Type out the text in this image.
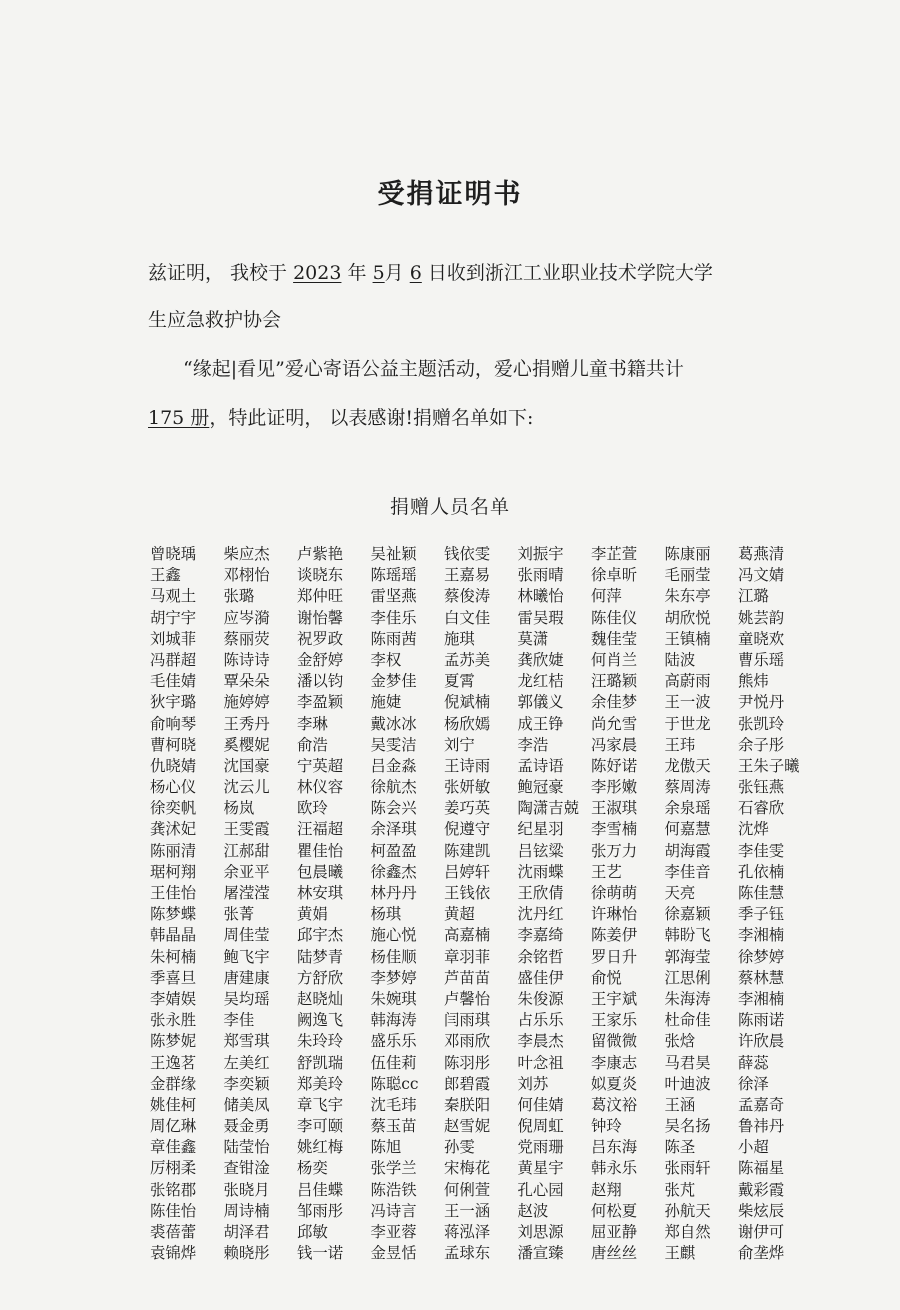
受捐证明书
兹证明， 我校于 2023 年 5月 6 日收到浙江工业职业技术学院大学
生应急救护协会
“缘起|看见”爱心寄语公益主题活动，爱心捐赠儿童书籍共计
175 册，特此证明， 以表感谢!捐赠名单如下:
捐赠人员名单
曾晓瑀	柴应杰	卢紫艳	吴祉颖	钱依雯	刘振宇	李芷萱	陈康丽	葛燕清
王鑫	邓栩怡	谈晓东	陈瑶瑶	王嘉易	张雨晴	徐卓昕	毛丽莹	冯文婧
马观土	张璐	郑仲旺	雷坚燕	蔡俊涛	林曦怡	何萍	朱东亭	江璐
胡宁宇	应岑漪	谢怡馨	李佳乐	白文佳	雷吴瑕	陈佳仪	胡欣悦	姚芸韵
刘城菲	蔡丽荧	祝罗政	陈雨茜	施琪	莫潇	魏佳莹	王镇楠	童晓欢
冯群超	陈诗诗	金舒婷	李权	孟苏美	龚欣婕	何肖兰	陆波	曹乐瑶
毛佳婧	覃朵朵	潘以钧	金梦佳	夏霄	龙红桔	汪璐颖	高蔚雨	熊炜
狄宇璐	施婷婷	李盈颖	施婕	倪斌楠	郭儀义	余佳梦	王一波	尹悦丹
俞响琴	王秀丹	李琳	戴冰冰	杨欣嫣	成王铮	尚允雪	于世龙	张凯玲
曹柯晓	奚樱妮	俞浩	吴雯洁	刘宁	李浩	冯家晨	王玮	余子彤
仇晓婧	沈国豪	宁英超	吕金淼	王诗雨	孟诗语	陈妤诺	龙傲天	王朱子曦
杨心仪	沈云儿	林仪容	徐航杰	张妍敏	鲍冠豪	李彤嫩	蔡周涛	张钰燕
徐奕帆	杨岚	欧玲	陈会兴	姜巧英	陶潇吉兢 王淑琪	余泉瑶	石睿欣
龚沭妃	王雯霞	汪福超	余泽琪	倪遵守	纪星羽	李雪楠	何嘉慧	沈烨
陈丽清	江郝甜	瞿佳怡	柯盈盈	陈建凯	吕铉粱	张万力	胡海霞	李佳雯
琚柯翔	余亚平	包晨曦	徐鑫杰	吕婷轩	沈雨蝶	王艺	李佳音	孔依楠
王佳怡	屠滢滢	林安琪	林丹丹	王钱依	王欣倩	徐萌萌	天亮	陈佳慧
陈梦蝶	张菁	黄娟	杨琪	黄超	沈丹红	许琳怡	徐嘉颖	季子钰
韩晶晶	周佳莹	邱宇杰	施心悦	高嘉楠	李嘉绮	陈姜伊	韩盼飞	李湘楠
朱柯楠	鲍飞宇	陆梦青	杨佳顺	章羽菲	余铭哲	罗日升	郭海莹	徐梦婷
季喜旦	唐建康	方舒欣	李梦婷	芦苗苗	盛佳伊	俞悦	江思俐	蔡林慧
李婧娱	吴均瑶	赵晓灿	朱婉琪	卢馨怡	朱俊源	王宇斌	朱海涛	李湘楠
张永胜	李佳	阙逸飞	韩海涛	闫雨琪	占乐乐	王家乐	杜命佳	陈雨诺
陈梦妮	郑雪琪	朱玲玲	盛乐乐	邓雨欣	李晨杰	留微微	张焓	许欣晨
王逸茗	左美红	舒凯瑞	伍佳莉	陈羽彤	叶念祖	李康志	马君昊	薛蕊
金群缘	李奕颖	郑美玲	陈聪cc	郎碧霞	刘苏	姒夏炎	叶迪波	徐泽
姚佳柯	储美凤	章飞宇	沈毛玮	秦朕阳	何佳婧	葛汶裕	王涵	孟嘉奇
周亿琳	聂金勇	李可颐	蔡玉苗	赵雪妮	倪周虹	钟玲	吴名扬	鲁祎丹
章佳鑫	陆莹怡	姚红梅	陈旭	孙雯	党雨珊	吕东海	陈圣	小超
厉栩柔	查钳淦	杨奕	张学兰	宋梅花	黄星宇	韩永乐	张雨轩	陈福星
张铭郡	张晓月	吕佳蝶	陈浩铁	何俐萱	孔心园	赵翔	张芃	戴彩霞
陈佳怡	周诗楠	邹雨彤	冯诗言	王一涵	赵波	何松夏	孙航天	柴炫辰
裘蓓蕾	胡泽君	邱敏	李亚蓉	蒋泓泽	刘思源	屈亚静	郑自然	谢伊可
袁锦烨	赖晓彤	钱一诺	金昱恬	孟球东	潘宣臻	唐丝丝	王麒	俞垄烨
